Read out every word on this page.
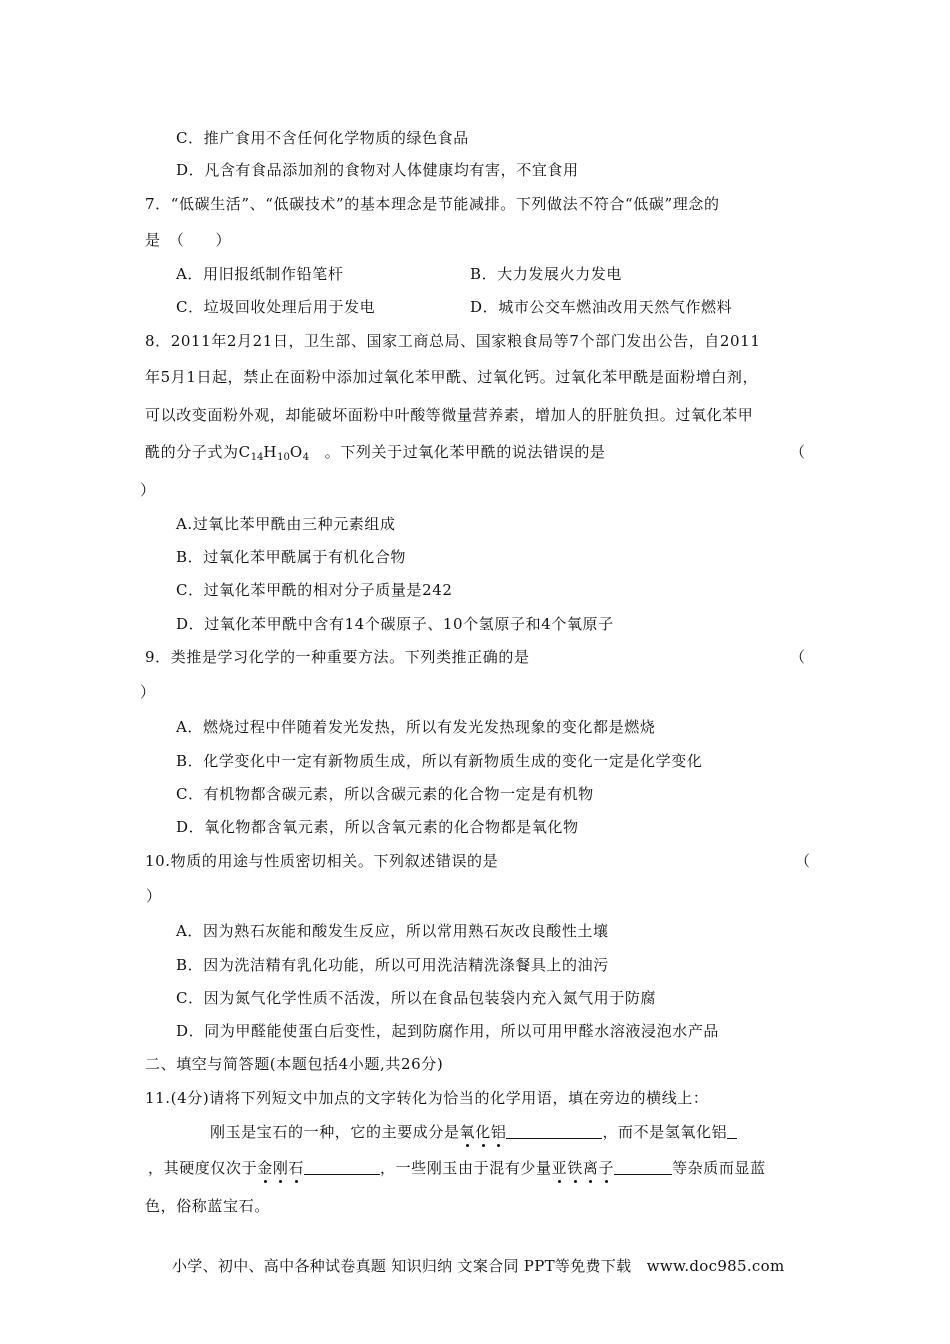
C．推广食用不含任何化学物质的绿色食品
D．凡含有食品添加剂的食物对人体健康均有害，不宜食用
7．“低碳生活”、“低碳技术”的基本理念是节能减排。下列做法不符合“低碳”理念的
是　（　　）
A．用旧报纸制作铅笔杆	B．大力发展火力发电
C．垃圾回收处理后用于发电	D．城市公交车燃油改用天然气作燃料
8．2011年2月21日，卫生部、国家工商总局、国家粮食局等7个部门发出公告，自2011
年5月1日起，禁止在面粉中添加过氧化苯甲酰、过氧化钙。过氧化苯甲酰是面粉增白剂，
可以改变面粉外观，却能破坏面粉中叶酸等微量营养素，增加人的肝脏负担。过氧化苯甲
酰的分子式为$C_{14}H_{10}O_4$  。下列关于过氧化苯甲酰的说法错误的是	（
）
A.过氧比苯甲酰由三种元素组成
B．过氧化苯甲酰属于有机化合物
C．过氧化苯甲酰的相对分子质量是242
D．过氧化苯甲酰中含有14个碳原子、10个氢原子和4个氧原子
9．类推是学习化学的一种重要方法。下列类推正确的是	（
）
A．燃烧过程中伴随着发光发热，所以有发光发热现象的变化都是燃烧
B．化学变化中一定有新物质生成，所以有新物质生成的变化一定是化学变化
C．有机物都含碳元素，所以含碳元素的化合物一定是有机物
D．氧化物都含氧元素，所以含氧元素的化合物都是氧化物
10.物质的用途与性质密切相关。下列叙述错误的是	（
）
A．因为熟石灰能和酸发生反应，所以常用熟石灰改良酸性土壤
B．因为洗洁精有乳化功能，所以可用洗洁精洗涤餐具上的油污
C．因为氮气化学性质不活泼，所以在食品包装袋内充入氮气用于防腐
D．同为甲醛能使蛋白后变性，起到防腐作用，所以可用甲醛水溶液浸泡水产品
二、填空与简答题(本题包括4小题,共26分)
11.(4分)请将下列短文中加点的文字转化为恰当的化学用语，填在旁边的横线上：
刚玉是宝石的一种，它的主要成分是氧化铝	，而不是氢氧化铝
，其硬度仅次于金刚石	，一些刚玉由于混有少量亚铁离子	等杂质而显蓝
色，俗称蓝宝石。
小学、初中、高中各种试卷真题 知识归纳 文案合同 PPT等免费下载　www.doc985.com
